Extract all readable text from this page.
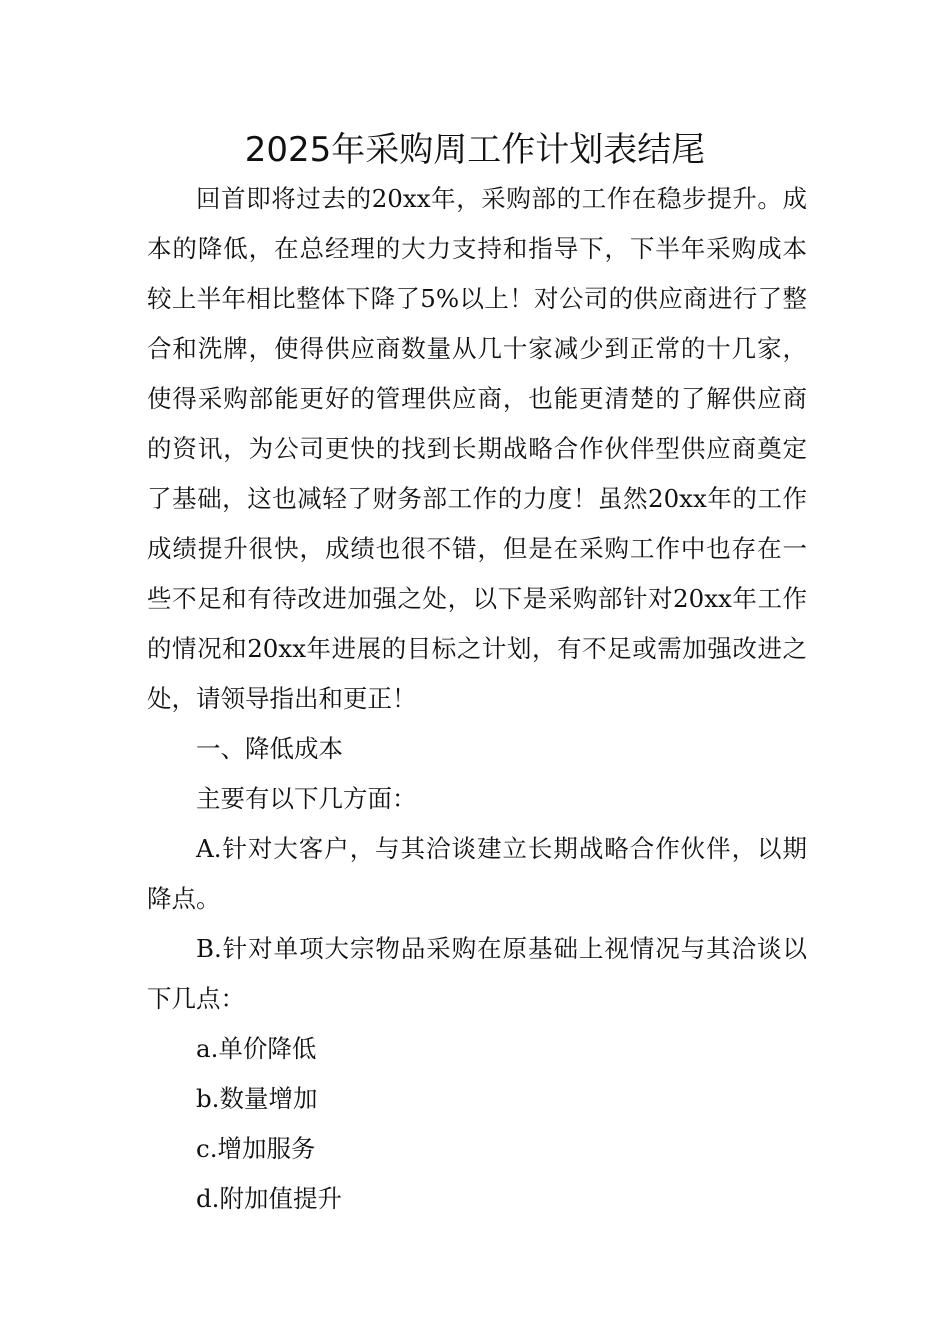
2025年采购周工作计划表结尾

回首即将过去的20xx年，采购部的工作在稳步提升。成本的降低，在总经理的大力支持和指导下，下半年采购成本较上半年相比整体下降了5%以上！对公司的供应商进行了整合和洗牌，使得供应商数量从几十家减少到正常的十几家，使得采购部能更好的管理供应商，也能更清楚的了解供应商的资讯，为公司更快的找到长期战略合作伙伴型供应商奠定了基础，这也减轻了财务部工作的力度！虽然20xx年的工作成绩提升很快，成绩也很不错，但是在采购工作中也存在一些不足和有待改进加强之处，以下是采购部针对20xx年工作的情况和20xx年进展的目标之计划，有不足或需加强改进之处，请领导指出和更正！

一、降低成本

主要有以下几方面：

A.针对大客户，与其洽谈建立长期战略合作伙伴，以期降点。

B.针对单项大宗物品采购在原基础上视情况与其洽谈以下几点：

a.单价降低

b.数量增加

c.增加服务

d.附加值提升
